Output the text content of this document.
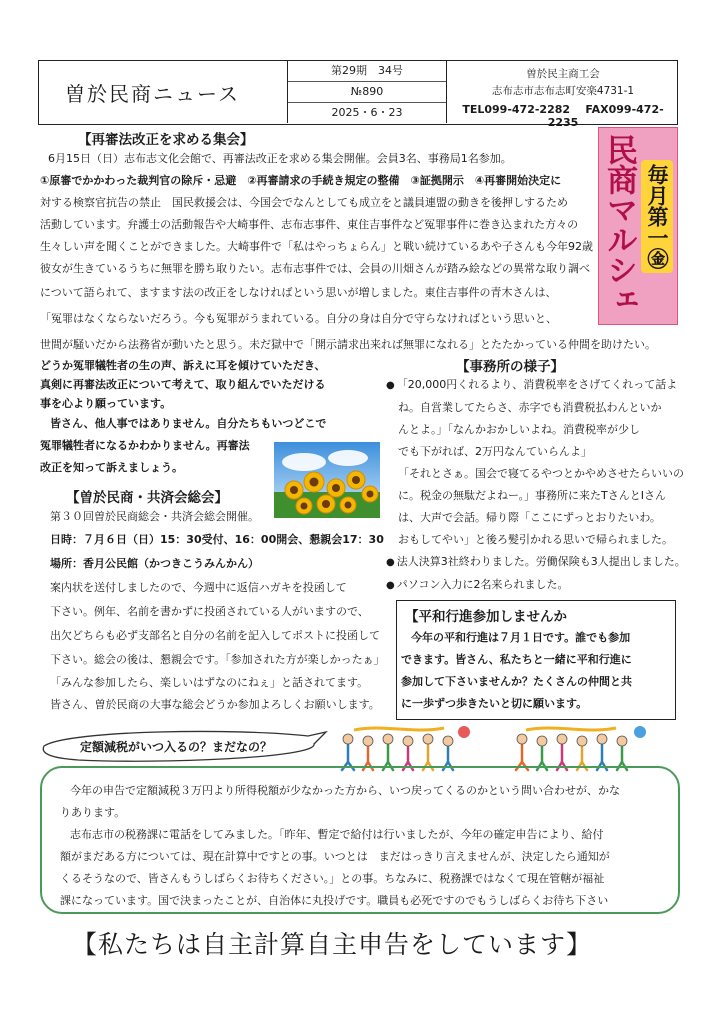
曽於民商ニュース
第29期　34号
№890
2025・6・23
曽於民主商工会
志布志市志布志町安楽4731-1
TEL099-472-2282 FAX099-472-2235
民商マルシェ 毎月第一㊎
【再審法改正を求める集会】
6月15日（日）志布志文化会館で、再審法改正を求める集会開催。会員3名、事務局1名参加。
①原審でかかわった裁判官の除斥・忌避　②再審請求の手続き規定の整備　③証拠開示　④再審開始決定に
対する検察官抗告の禁止　国民救援会は、今国会でなんとしても成立をと議員連盟の動きを後押しするため
活動しています。弁護士の活動報告や大崎事件、志布志事件、東住吉事件など冤罪事件に巻き込まれた方々の
生々しい声を聞くことができました。大崎事件で「私はやっちょらん」と戦い続けているあや子さんも今年92歳
彼女が生きているうちに無罪を勝ち取りたい。志布志事件では、会員の川畑さんが踏み絵などの異常な取り調べ
について語られて、ますます法の改正をしなければという思いが増しました。東住吉事件の青木さんは、
「冤罪はなくならないだろう。今も冤罪がうまれている。自分の身は自分で守らなければという思いと、
世間が騒いだから法務省が動いたと思う。未だ獄中で「開示請求出来れば無罪になれる」とたたかっている仲間を助けたい。
どうか冤罪犠牲者の生の声、訴えに耳を傾けていただき、
真剣に再審法改正について考えて、取り組んでいただける
事を心より願っています。
皆さん、他人事ではありません。自分たちもいつどこで
冤罪犠牲者になるかわかりません。再審法
改正を知って訴えましょう。
【事務所の様子】
● 「20,000円くれるより、消費税率をさげてくれって話よ
ね。自営業してたらさ、赤字でも消費税払わんといか
んとよ。」「なんかおかしいよね。消費税率が少し
でも下がれば、2万円なんていらんよ」
「それとさぁ。国会で寝てるやつとかやめさせたらいいの
に。税金の無駄だよねー。」事務所に来たTさんとIさん
は、大声で会話。帰り際「ここにずっとおりたいわ。
おもしてやい」と後ろ髪引かれる思いで帰られました。
● 法人決算3社終わりました。労働保険も3人提出しました。
● パソコン入力に2名来られました。
【曽於民商・共済会総会】
第３０回曽於民商総会・共済会総会開催。
日時：７月６日（日）15：30受付、16：00開会、懇親会17：30
場所：香月公民館（かつきこうみんかん）
案内状を送付しましたので、今週中に返信ハガキを投函して
下さい。例年、名前を書かずに投函されている人がいますので、
出欠どちらも必ず支部名と自分の名前を記入してポストに投函して
下さい。総会の後は、懇親会です。「参加された方が楽しかったぁ」
「みんな参加したら、楽しいはずなのにねぇ」と話されてます。
皆さん、曽於民商の大事な総会どうか参加よろしくお願いします。
【平和行進参加しませんか
今年の平和行進は７月１日です。誰でも参加
できます。皆さん、私たちと一緒に平和行進に
参加して下さいませんか？たくさんの仲間と共
に一歩ずつ歩きたいと切に願います。
定額減税がいつ入るの？まだなの？
今年の申告で定額減税３万円より所得税額が少なかった方から、いつ戻ってくるのかという問い合わせが、かな
りあります。
志布志市の税務課に電話をしてみました。「昨年、暫定で給付は行いましたが、今年の確定申告により、給付
額がまだある方については、現在計算中ですとの事。いつとは　まだはっきり言えませんが、決定したら通知が
くるそうなので、皆さんもうしばらくお待ちください。」との事。ちなみに、税務課ではなくて現在管轄が福祉
課になっています。国で決まったことが、自治体に丸投げです。職員も必死ですのでもうしばらくお待ち下さい
【私たちは自主計算自主申告をしています】
